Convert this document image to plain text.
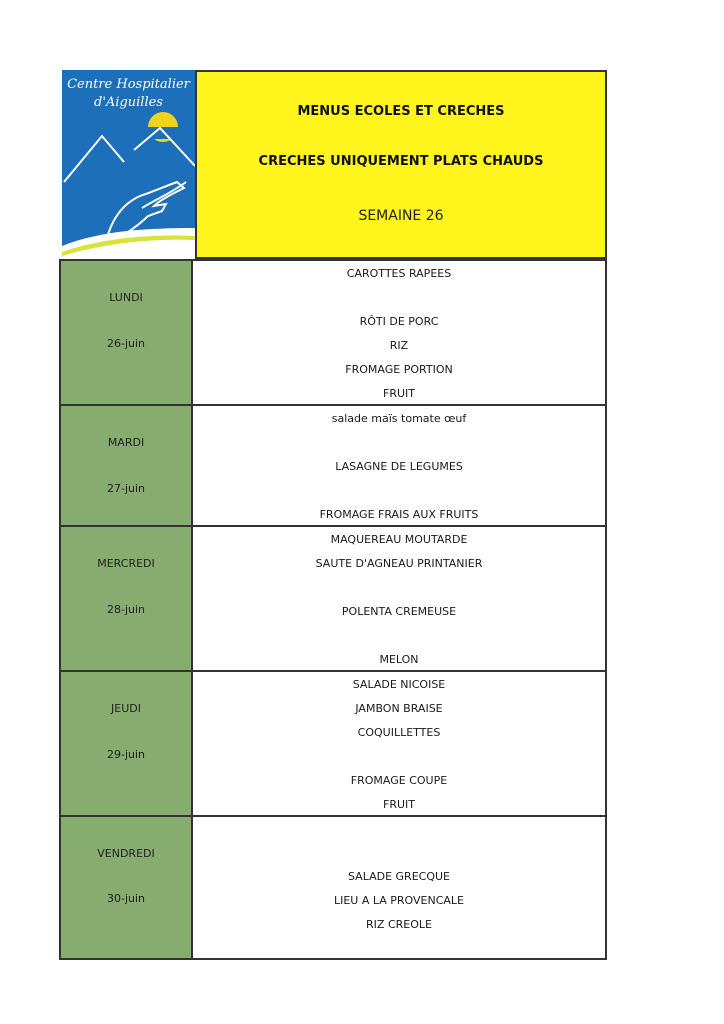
Centre Hospitalier
d'Aiguilles
MENUS ECOLES ET CRECHES
CRECHES UNIQUEMENT PLATS CHAUDS
SEMAINE 26
LUNDI
26-juin
CAROTTES RAPEES
RÔTI DE PORC
RIZ
FROMAGE PORTION
FRUIT
MARDI
27-juin
salade maïs tomate œuf
LASAGNE DE LEGUMES
FROMAGE FRAIS AUX FRUITS
MERCREDI
28-juin
MAQUEREAU MOUTARDE
SAUTE D'AGNEAU PRINTANIER
POLENTA CREMEUSE
MELON
JEUDI
29-juin
SALADE NICOISE
JAMBON BRAISE
COQUILLETTES
FROMAGE COUPE
FRUIT
VENDREDI
30-juin
SALADE GRECQUE
LIEU A LA PROVENCALE
RIZ CREOLE
